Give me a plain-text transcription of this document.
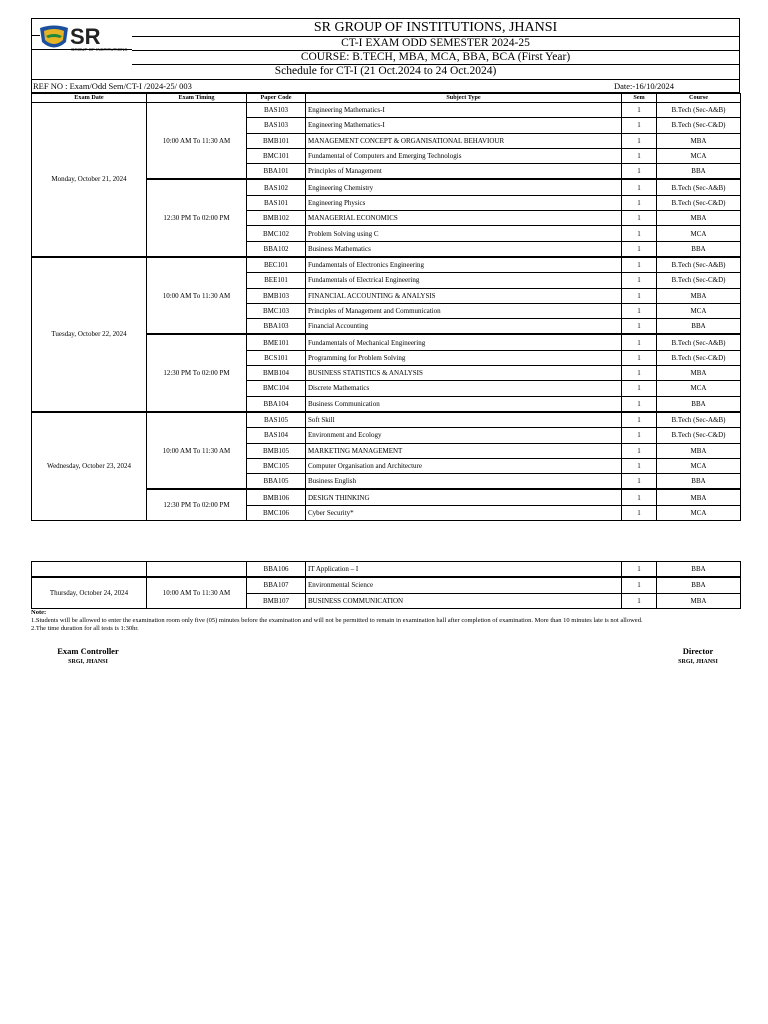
SR
GROUP OF INSTITUTIONS
SR GROUP OF INSTITUTIONS, JHANSI
CT-I EXAM ODD SEMESTER 2024-25
COURSE: B.TECH, MBA, MCA, BBA, BCA (First Year)
Schedule for CT-I (21 Oct.2024 to 24 Oct.2024)
REF NO : Exam/Odd Sem/CT-I /2024-25/ 003	Date:-16/10/2024
Exam Date	Exam Timing	Paper Code	Subject Type	Sem	Course
Monday, October 21, 2024	10:00 AM To 11:30 AM	BAS103	Engineering Mathematics-I	1	B.Tech (Sec-A&B)
		BAS103	Engineering Mathematics-I	1	B.Tech (Sec-C&D)
		BMB101	MANAGEMENT CONCEPT & ORGANISATIONAL BEHAVIOUR	1	MBA
		BMC101	Fundamental of Computers and Emerging Technologis	1	MCA
		BBA101	Principles of Management	1	BBA
	12:30 PM To 02:00 PM	BAS102	Engineering Chemistry	1	B.Tech (Sec-A&B)
		BAS101	Engineering Physics	1	B.Tech (Sec-C&D)
		BMB102	MANAGERIAL ECONOMICS	1	MBA
		BMC102	Problem Solving using C	1	MCA
		BBA102	Business Mathematics	1	BBA
Tuesday, October 22, 2024	10:00 AM To 11:30 AM	BEC101	Fundamentals of Electronics Engineering	1	B.Tech (Sec-A&B)
		BEE101	Fundamentals of Electrical Engineering	1	B.Tech (Sec-C&D)
		BMB103	FINANCIAL ACCOUNTING & ANALYSIS	1	MBA
		BMC103	Principles of Management and Communication	1	MCA
		BBA103	Financial Accounting	1	BBA
	12:30 PM To 02:00 PM	BME101	Fundamentals of Mechanical Engineering	1	B.Tech (Sec-A&B)
		BCS101	Programming for Problem Solving	1	B.Tech (Sec-C&D)
		BMB104	BUSINESS STATISTICS & ANALYSIS	1	MBA
		BMC104	Discrete Mathematics	1	MCA
		BBA104	Business Communication	1	BBA
Wednesday, October 23, 2024	10:00 AM To 11:30 AM	BAS105	Soft Skill	1	B.Tech (Sec-A&B)
		BAS104	Environment and Ecology	1	B.Tech (Sec-C&D)
		BMB105	MARKETING MANAGEMENT	1	MBA
		BMC105	Computer Organisation and Architecture	1	MCA
		BBA105	Business English	1	BBA
	12:30 PM To 02:00 PM	BMB106	DESIGN THINKING	1	MBA
		BMC106	Cyber Security*	1	MCA
		BBA106	IT Application – I	1	BBA
Thursday, October 24, 2024	10:00 AM To 11:30 AM	BBA107	Environmental Science	1	BBA
		BMB107	BUSINESS COMMUNICATION	1	MBA
Note:
1.Students will be allowed to enter the examination room only five (05) minutes before the examination and will not be permitted to remain in examination hall after completion of examination. More than 10 minutes late is not allowed.
2.The time duration for all tests is 1:30hr.
Exam Controller
SRGI, JHANSI
Director
SRGI, JHANSI
